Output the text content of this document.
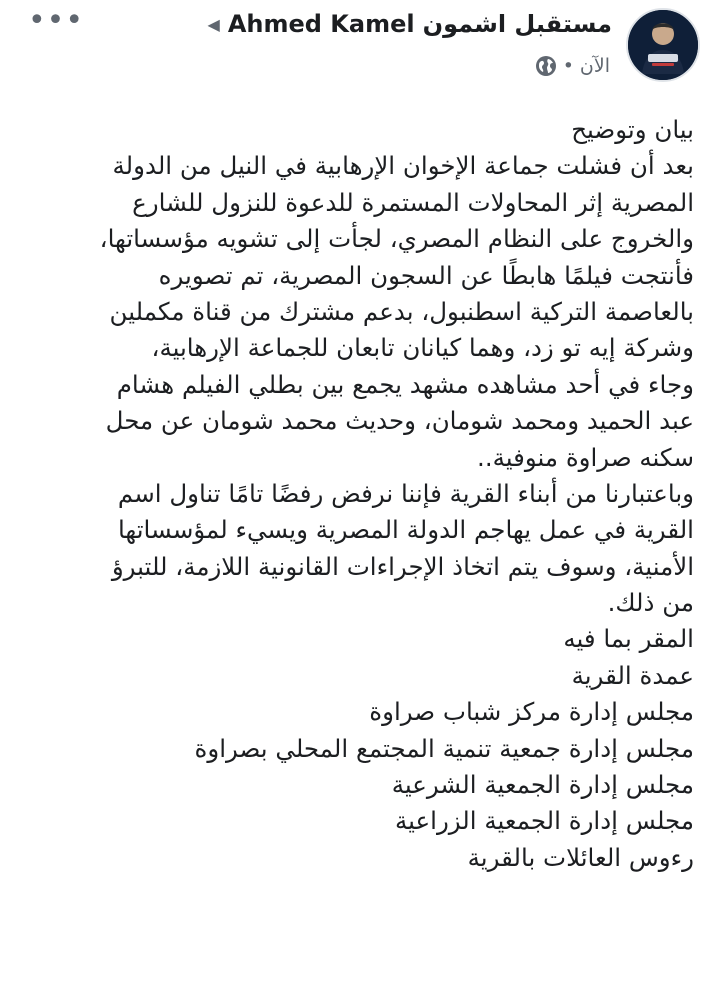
•••	مستقبل اشمون
Ahmed Kamel
◀
الآن
•
بيان وتوضيح
بعد أن فشلت جماعة الإخوان الإرهابية في النيل من الدولة
المصرية إثر المحاولات المستمرة للدعوة للنزول للشارع
والخروج على النظام المصري، لجأت إلى تشويه مؤسساتها،
فأنتجت فيلمًا هابطًا عن السجون المصرية، تم تصويره
بالعاصمة التركية اسطنبول، بدعم مشترك من قناة مكملين
وشركة إيه تو زد، وهما كيانان تابعان للجماعة الإرهابية،
وجاء في أحد مشاهده مشهد يجمع بين بطلي الفيلم هشام
عبد الحميد ومحمد شومان، وحديث محمد شومان عن محل
سكنه صراوة منوفية..
وباعتبارنا من أبناء القرية فإننا نرفض رفضًا تامًا تناول اسم
القرية في عمل يهاجم الدولة المصرية ويسيء لمؤسساتها
الأمنية، وسوف يتم اتخاذ الإجراءات القانونية اللازمة، للتبرؤ
من ذلك.
المقر بما فيه
عمدة القرية
مجلس إدارة مركز شباب صراوة
مجلس إدارة جمعية تنمية المجتمع المحلي بصراوة
مجلس إدارة الجمعية الشرعية
مجلس إدارة الجمعية الزراعية
رءوس العائلات بالقرية
